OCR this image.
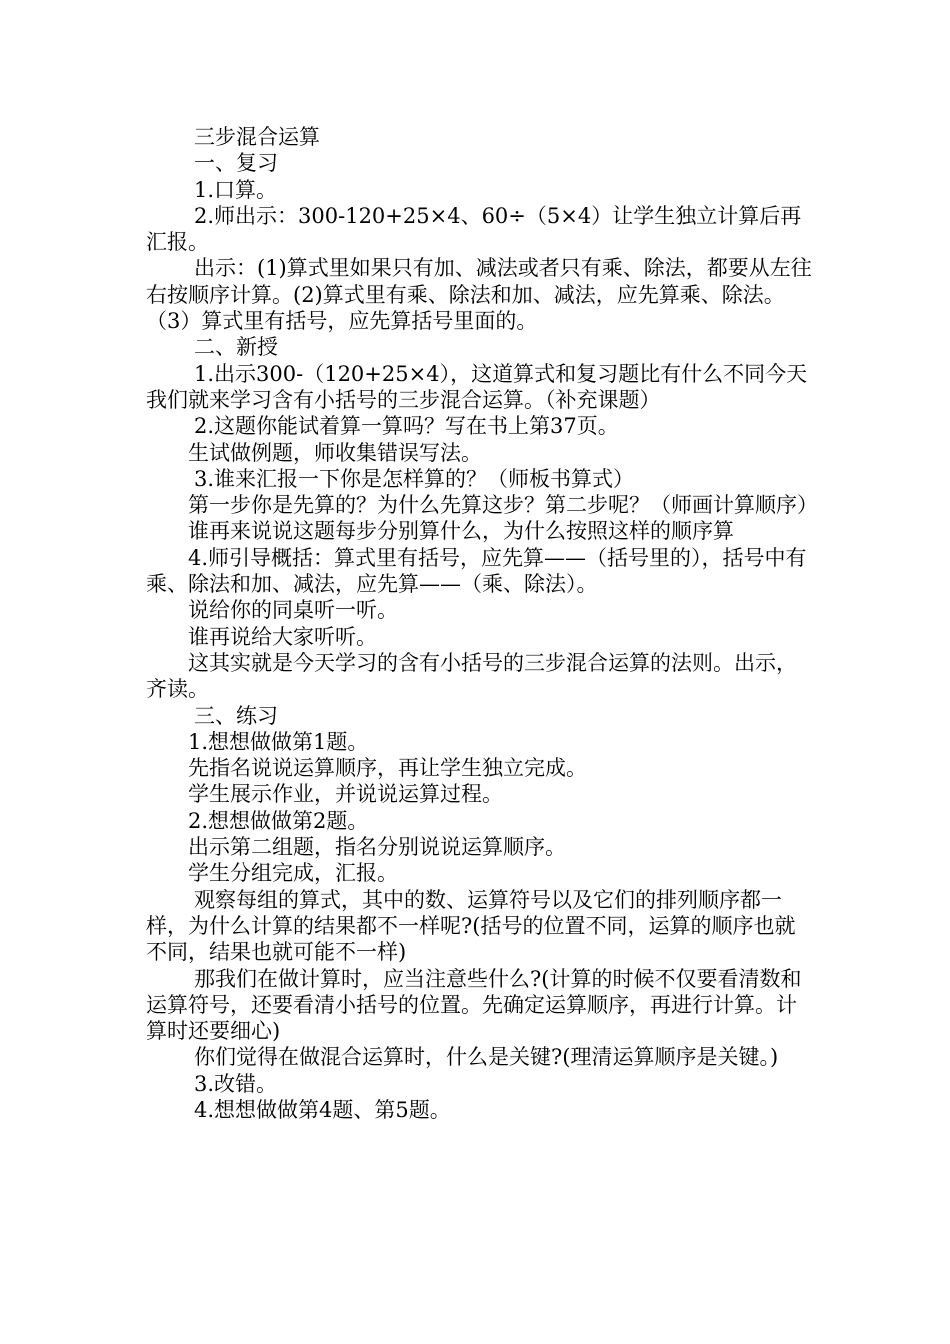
三步混合运算

一、复习

1.口算。

2.师出示：300-120+25×4、60÷（5×4）让学生独立计算后再汇报。

出示：(1)算式里如果只有加、减法或者只有乘、除法，都要从左往右按顺序计算。(2)算式里有乘、除法和加、减法，应先算乘、除法。（3）算式里有括号，应先算括号里面的。

二、新授

1.出示300-（120+25×4），这道算式和复习题比有什么不同今天我们就来学习含有小括号的三步混合运算。（补充课题）

2.这题你能试着算一算吗？写在书上第37页。

生试做例题，师收集错误写法。

3.谁来汇报一下你是怎样算的？（师板书算式）

第一步你是先算的？为什么先算这步？第二步呢？（师画计算顺序）

谁再来说说这题每步分别算什么，为什么按照这样的顺序算

4.师引导概括：算式里有括号，应先算——（括号里的），括号中有乘、除法和加、减法，应先算——（乘、除法）。

说给你的同桌听一听。

谁再说给大家听听。

这其实就是今天学习的含有小括号的三步混合运算的法则。出示，齐读。

三、练习

1.想想做做第1题。

先指名说说运算顺序，再让学生独立完成。

学生展示作业，并说说运算过程。

2.想想做做第2题。

出示第二组题，指名分别说说运算顺序。

学生分组完成，汇报。

观察每组的算式，其中的数、运算符号以及它们的排列顺序都一样，为什么计算的结果都不一样呢?(括号的位置不同，运算的顺序也就不同，结果也就可能不一样)

那我们在做计算时，应当注意些什么?(计算的时候不仅要看清数和运算符号，还要看清小括号的位置。先确定运算顺序，再进行计算。计算时还要细心)

你们觉得在做混合运算时，什么是关键?(理清运算顺序是关键。)

3.改错。

4.想想做做第4题、第5题。
